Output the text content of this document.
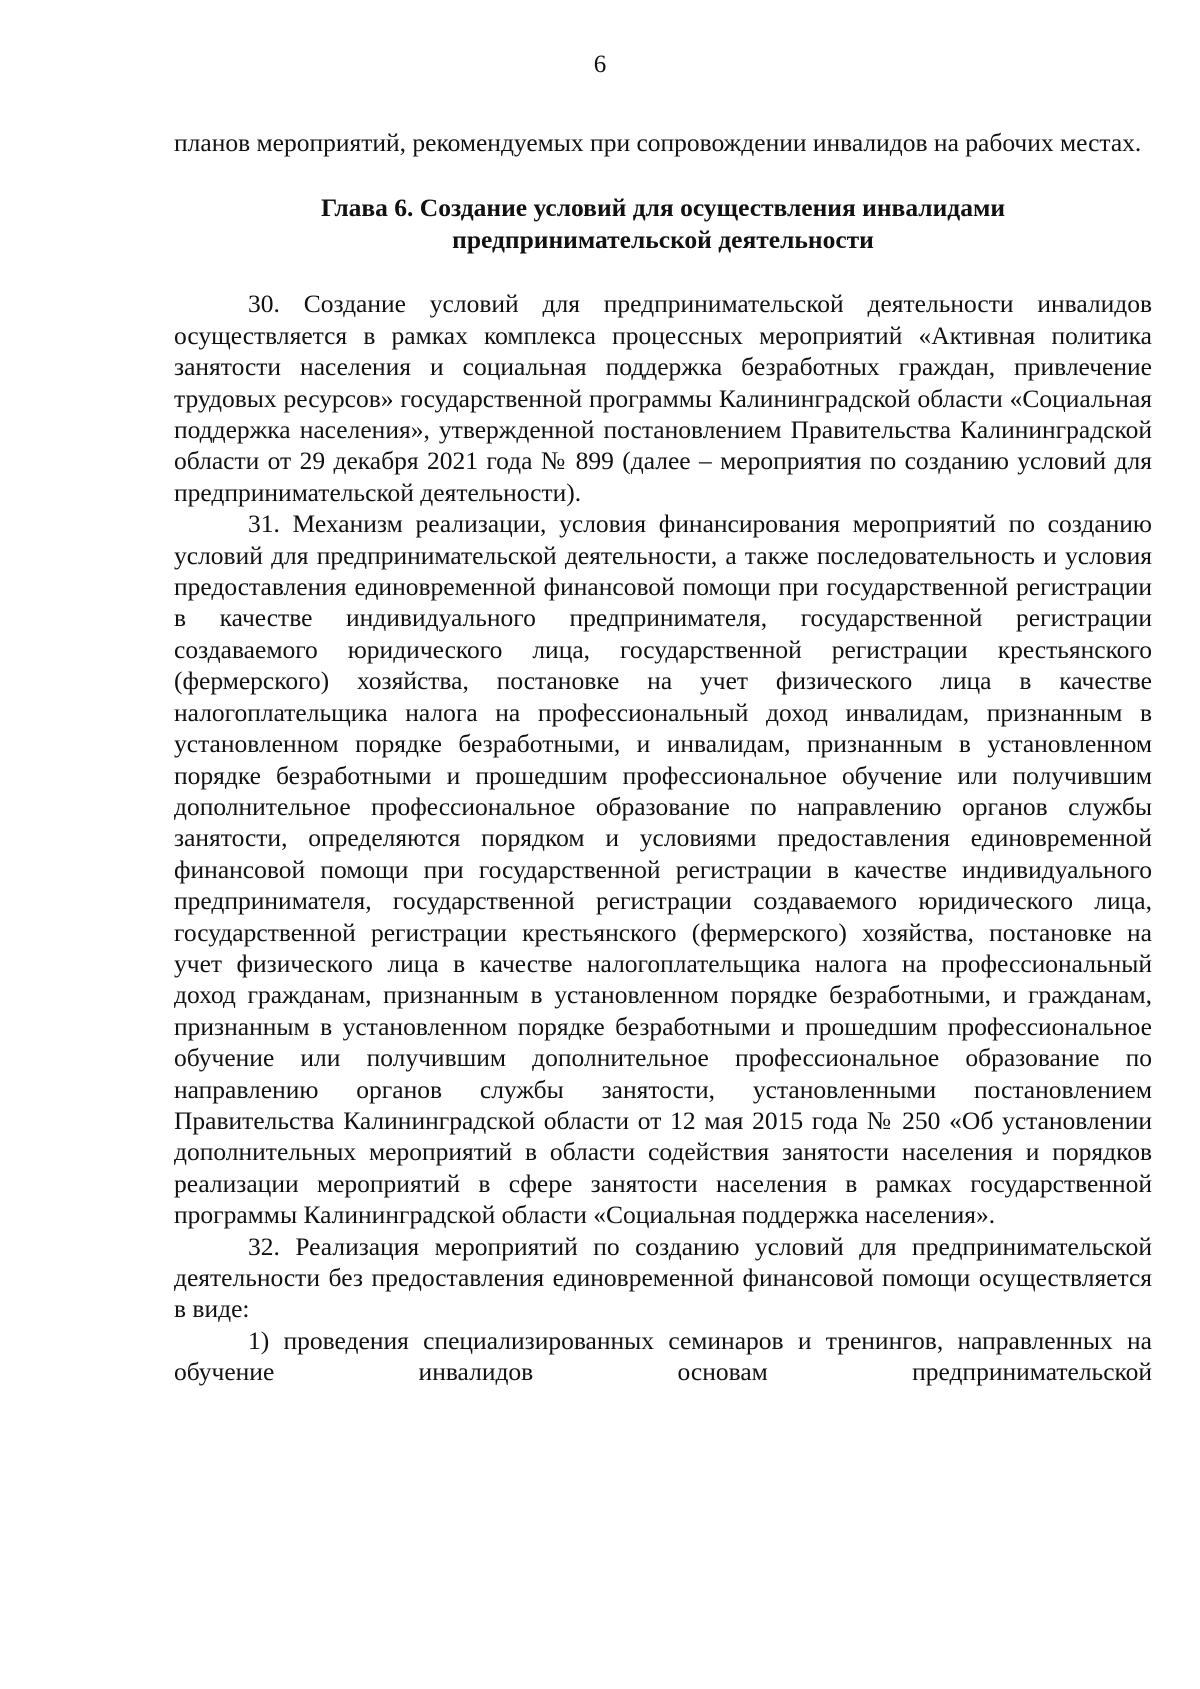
6

планов мероприятий, рекомендуемых при сопровождении инвалидов на рабочих местах.

Глава 6. Создание условий для осуществления инвалидами
предпринимательской деятельности

30. Создание условий для предпринимательской деятельности инвалидов осуществляется в рамках комплекса процессных мероприятий «Активная политика занятости населения и социальная поддержка безработных граждан, привлечение трудовых ресурсов» государственной программы Калининградской области «Социальная поддержка населения», утвержденной постановлением Правительства Калининградской области от 29 декабря 2021 года № 899 (далее – мероприятия по созданию условий для предпринимательской деятельности).

31. Механизм реализации, условия финансирования мероприятий по созданию условий для предпринимательской деятельности, а также последовательность и условия предоставления единовременной финансовой помощи при государственной регистрации в качестве индивидуального предпринимателя, государственной регистрации создаваемого юридического лица, государственной регистрации крестьянского (фермерского) хозяйства, постановке на учет физического лица в качестве налогоплательщика налога на профессиональный доход инвалидам, признанным в установленном порядке безработными, и инвалидам, признанным в установленном порядке безработными и прошедшим профессиональное обучение или получившим дополнительное профессиональное образование по направлению органов службы занятости, определяются порядком и условиями предоставления единовременной финансовой помощи при государственной регистрации в качестве индивидуального предпринимателя, государственной регистрации создаваемого юридического лица, государственной регистрации крестьянского (фермерского) хозяйства, постановке на учет физического лица в качестве налогоплательщика налога на профессиональный доход гражданам, признанным в установленном порядке безработными, и гражданам, признанным в установленном порядке безработными и прошедшим профессиональное обучение или получившим дополнительное профессиональное образование по направлению органов службы занятости, установленными постановлением Правительства Калининградской области от 12 мая 2015 года № 250 «Об установлении дополнительных мероприятий в области содействия занятости населения и порядков реализации мероприятий в сфере занятости населения в рамках государственной программы Калининградской области «Социальная поддержка населения».

32. Реализация мероприятий по созданию условий для предпринимательской деятельности без предоставления единовременной финансовой помощи осуществляется в виде:

1) проведения специализированных семинаров и тренингов, направленных на обучение инвалидов основам предпринимательской
